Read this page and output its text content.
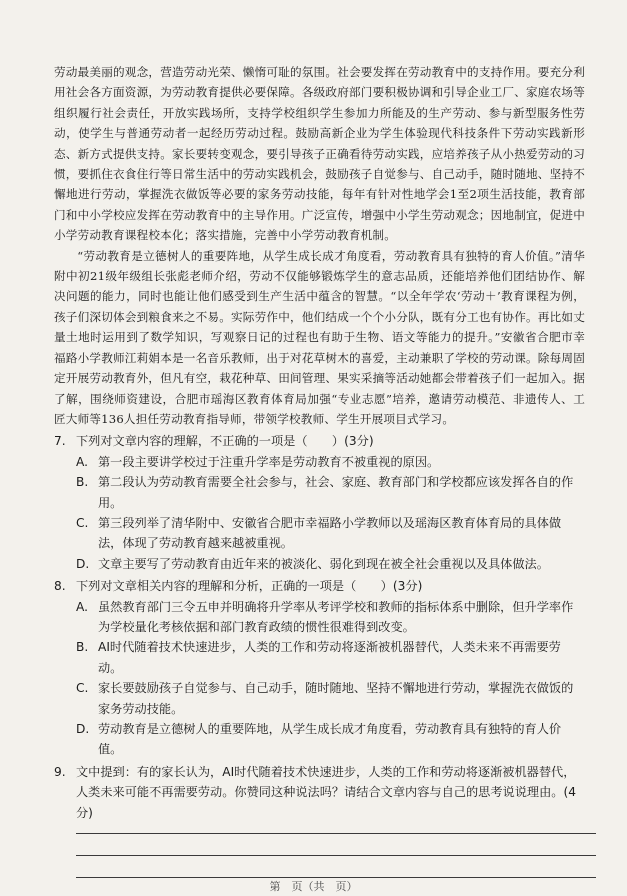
劳动最美丽的观念，营造劳动光荣、懒惰可耻的氛围。社会要发挥在劳动教育中的支持作用。要充分利用社会各方面资源，为劳动教育提供必要保障。各级政府部门要积极协调和引导企业工厂、家庭农场等组织履行社会责任，开放实践场所，支持学校组织学生参加力所能及的生产劳动、参与新型服务性劳动，使学生与普通劳动者一起经历劳动过程。鼓励高新企业为学生体验现代科技条件下劳动实践新形态、新方式提供支持。家长要转变观念，要引导孩子正确看待劳动实践，应培养孩子从小热爱劳动的习惯，要抓住衣食住行等日常生活中的劳动实践机会，鼓励孩子自觉参与、自己动手，随时随地、坚持不懈地进行劳动，掌握洗衣做饭等必要的家务劳动技能，每年有针对性地学会1至2项生活技能，教育部门和中小学校应发挥在劳动教育中的主导作用。广泛宣传，增强中小学生劳动观念；因地制宜，促进中小学劳动教育课程校本化；落实措施，完善中小学劳动教育机制。

“劳动教育是立德树人的重要阵地，从学生成长成才角度看，劳动教育具有独特的育人价值。”清华附中初21级年级组长张彪老师介绍，劳动不仅能够锻炼学生的意志品质，还能培养他们团结协作、解决问题的能力，同时也能让他们感受到生产生活中蕴含的智慧。“以全年学农‘劳动＋’教育课程为例，孩子们深切体会到粮食来之不易。实际劳作中，他们结成一个个小分队，既有分工也有协作。再比如丈量土地时运用到了数学知识，写观察日记的过程也有助于生物、语文等能力的提升。”安徽省合肥市幸福路小学教师江莉娟本是一名音乐教师，出于对花草树木的喜爱，主动兼职了学校的劳动课。除每周固定开展劳动教育外，但凡有空，栽花种草、田间管理、果实采摘等活动她都会带着孩子们一起加入。据了解，围绕师资建设，合肥市瑶海区教育体育局加强“专业志愿”培养，邀请劳动模范、非遗传人、工匠大师等136人担任劳动教育指导师，带领学校教师、学生开展项目式学习。

7. 下列对文章内容的理解，不正确的一项是（　　）(3分)

A. 第一段主要讲学校过于注重升学率是劳动教育不被重视的原因。

B. 第二段认为劳动教育需要全社会参与，社会、家庭、教育部门和学校都应该发挥各自的作用。

C. 第三段列举了清华附中、安徽省合肥市幸福路小学教师以及瑶海区教育体育局的具体做法，体现了劳动教育越来越被重视。

D. 文章主要写了劳动教育由近年来的被淡化、弱化到现在被全社会重视以及具体做法。

8. 下列对文章相关内容的理解和分析，正确的一项是（　　）(3分)

A. 虽然教育部门三令五申并明确将升学率从考评学校和教师的指标体系中删除，但升学率作为学校量化考核依据和部门教育政绩的惯性很难得到改变。

B. AI时代随着技术快速进步，人类的工作和劳动将逐渐被机器替代，人类未来不再需要劳动。

C. 家长要鼓励孩子自觉参与、自己动手，随时随地、坚持不懈地进行劳动，掌握洗衣做饭的家务劳动技能。

D. 劳动教育是立德树人的重要阵地，从学生成长成才角度看，劳动教育具有独特的育人价值。

9. 文中提到：有的家长认为，AI时代随着技术快速进步，人类的工作和劳动将逐渐被机器替代，人类未来可能不再需要劳动。你赞同这种说法吗？请结合文章内容与自己的思考说说理由。(4分)

第　页（共　页）
